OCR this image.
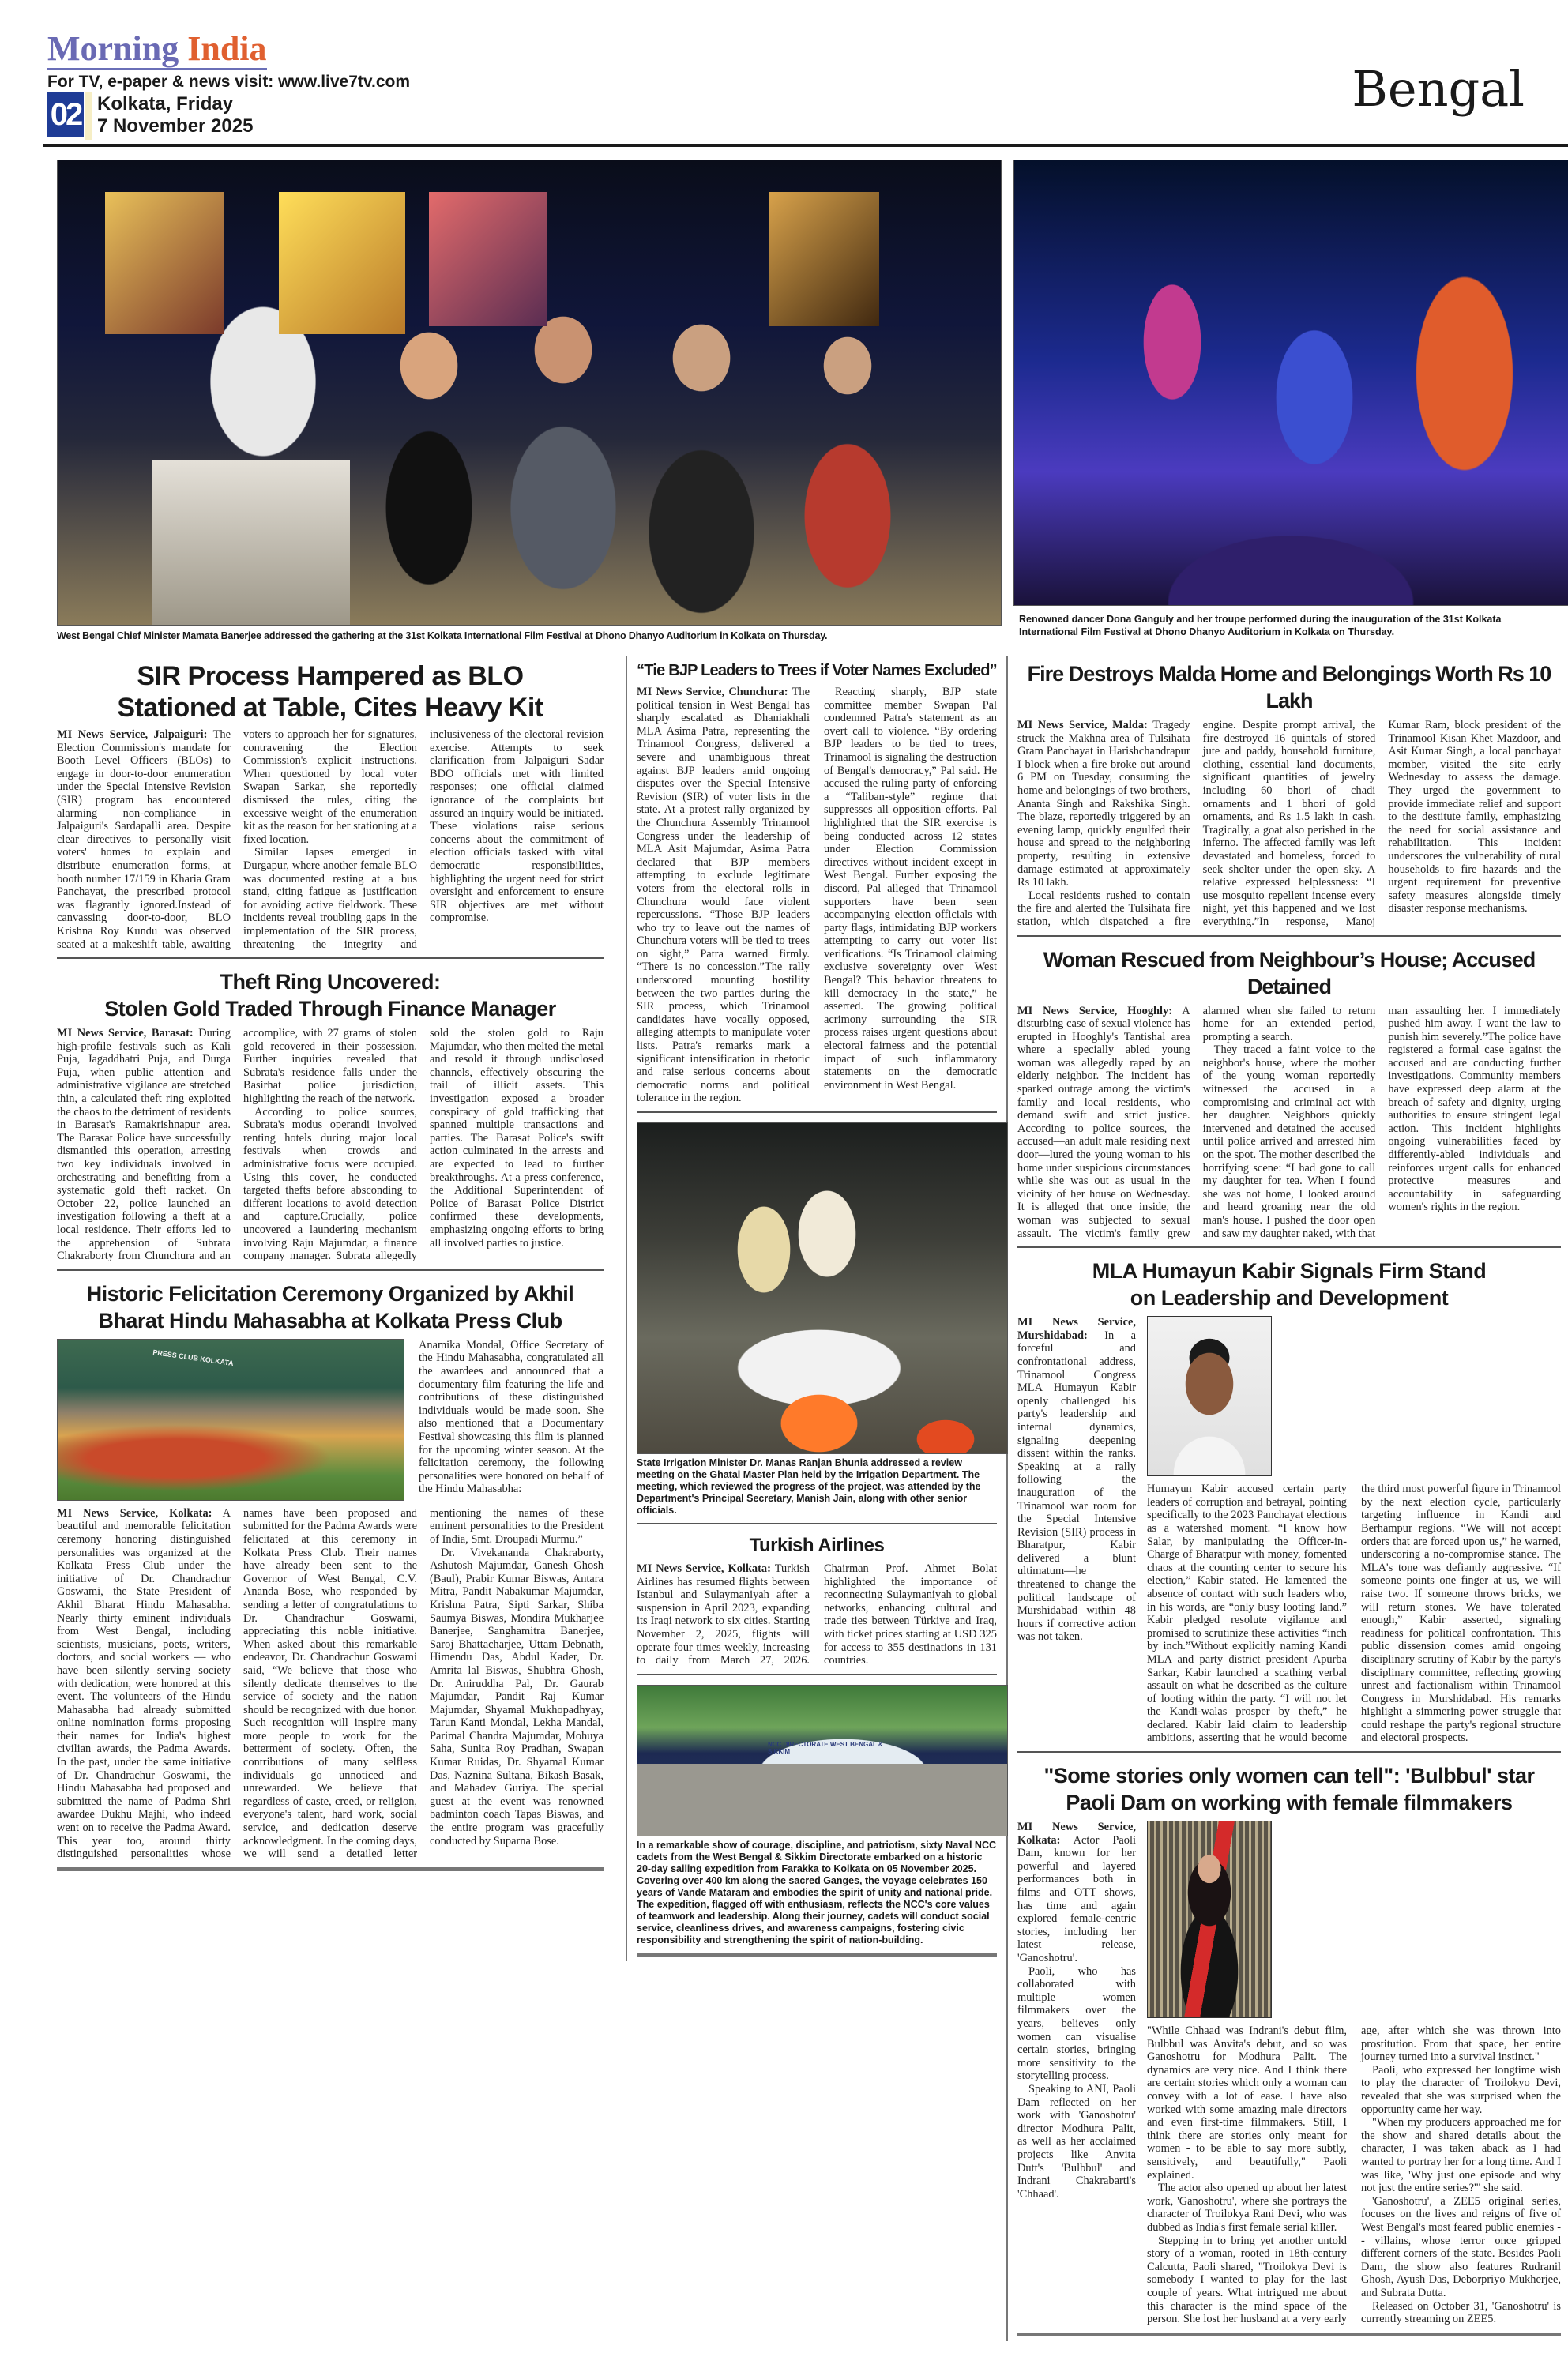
Morning India
For TV, e-paper & news visit: www.live7tv.com
02 Kolkata, Friday
7 November 2025
Bengal
West Bengal Chief Minister Mamata Banerjee addressed the gathering at the 31st Kolkata International Film Festival at Dhono Dhanyo Auditorium in Kolkata on Thursday.
Renowned dancer Dona Ganguly and her troupe performed during the inauguration of the 31st Kolkata
International Film Festival at Dhono Dhanyo Auditorium in Kolkata on Thursday.
SIR Process Hampered as BLO
Stationed at Table, Cites Heavy Kit

MI News Service, Jalpaiguri: The Election Commission's mandate for Booth Level Officers (BLOs) to engage in door-to-door enumeration under the Special Intensive Revision (SIR) program has encountered alarming non-compliance in Jalpaiguri's Sardapalli area. Despite clear directives to personally visit voters' homes to explain and distribute enumeration forms, at booth number 17/159 in Kharia Gram Panchayat, the prescribed protocol was flagrantly ignored.Instead of canvassing door-to-door, BLO Krishna Roy Kundu was observed seated at a makeshift table, awaiting voters to approach her for signatures, contravening the Election Commission's explicit instructions. When questioned by local voter Swapan Sarkar, she reportedly dismissed the rules, citing the excessive weight of the enumeration kit as the reason for her stationing at a fixed location.

Similar lapses emerged in Durgapur, where another female BLO was documented resting at a bus stand, citing fatigue as justification for avoiding active fieldwork. These incidents reveal troubling gaps in the implementation of the SIR process, threatening the integrity and inclusiveness of the electoral revision exercise. Attempts to seek clarification from Jalpaiguri Sadar BDO officials met with limited responses; one official claimed ignorance of the complaints but assured an inquiry would be initiated. These violations raise serious concerns about the commitment of election officials tasked with vital democratic responsibilities, highlighting the urgent need for strict oversight and enforcement to ensure SIR objectives are met without compromise.

Theft Ring Uncovered:
Stolen Gold Traded Through Finance Manager

MI News Service, Barasat: During high-profile festivals such as Kali Puja, Jagaddhatri Puja, and Durga Puja, when public attention and administrative vigilance are stretched thin, a calculated theft ring exploited the chaos to the detriment of residents in Barasat's Ramakrishnapur area. The Barasat Police have successfully dismantled this operation, arresting two key individuals involved in orchestrating and benefiting from a systematic gold theft racket. On October 22, police launched an investigation following a theft at a local residence. Their efforts led to the apprehension of Subrata Chakraborty from Chunchura and an accomplice, with 27 grams of stolen gold recovered in their possession. Further inquiries revealed that Subrata's residence falls under the Basirhat police jurisdiction, highlighting the reach of the network.

According to police sources, Subrata's modus operandi involved renting hotels during major local festivals when crowds and administrative focus were occupied. Using this cover, he conducted targeted thefts before absconding to different locations to avoid detection and capture.Crucially, police uncovered a laundering mechanism involving Raju Majumdar, a finance company manager. Subrata allegedly sold the stolen gold to Raju Majumdar, who then melted the metal and resold it through undisclosed channels, effectively obscuring the trail of illicit assets. This investigation exposed a broader conspiracy of gold trafficking that spanned multiple transactions and parties. The Barasat Police's swift action culminated in the arrests and are expected to lead to further breakthroughs. At a press conference, the Additional Superintendent of Police of Barasat Police District confirmed these developments, emphasizing ongoing efforts to bring all involved parties to justice.

Historic Felicitation Ceremony Organized by Akhil
Bharat Hindu Mahasabha at Kolkata Press Club
PRESS CLUB KOLKATA

Anamika Mondal, Office Secretary of the Hindu Mahasabha, congratulated all the awardees and announced that a documentary film featuring the life and contributions of these distinguished individuals would be made soon. She also mentioned that a Documentary Festival showcasing this film is planned for the upcoming winter season. At the felicitation ceremony, the following personalities were honored on behalf of the Hindu Mahasabha:

MI News Service, Kolkata: A beautiful and memorable felicitation ceremony honoring distinguished personalities was organized at the Kolkata Press Club under the initiative of Dr. Chandrachur Goswami, the State President of Akhil Bharat Hindu Mahasabha. Nearly thirty eminent individuals from West Bengal, including scientists, musicians, poets, writers, doctors, and social workers — who have been silently serving society with dedication, were honored at this event. The volunteers of the Hindu Mahasabha had already submitted online nomination forms proposing their names for India's highest civilian awards, the Padma Awards. In the past, under the same initiative of Dr. Chandrachur Goswami, the Hindu Mahasabha had proposed and submitted the name of Padma Shri awardee Dukhu Majhi, who indeed went on to receive the Padma Award. This year too, around thirty distinguished personalities whose names have been proposed and submitted for the Padma Awards were felicitated at this ceremony in Kolkata Press Club. Their names have already been sent to the Governor of West Bengal, C.V. Ananda Bose, who responded by sending a letter of congratulations to Dr. Chandrachur Goswami, appreciating this noble initiative. When asked about this remarkable endeavor, Dr. Chandrachur Goswami said, “We believe that those who silently dedicate themselves to the service of society and the nation should be recognized with due honor. Such recognition will inspire many more people to work for the betterment of society. Often, the contributions of many selfless individuals go unnoticed and unrewarded. We believe that regardless of caste, creed, or religion, everyone's talent, hard work, social service, and dedication deserve acknowledgment. In the coming days, we will send a detailed letter mentioning the names of these eminent personalities to the President of India, Smt. Droupadi Murmu.”

Dr. Vivekananda Chakraborty, Ashutosh Majumdar, Ganesh Ghosh (Baul), Prabir Kumar Biswas, Antara Mitra, Pandit Nabakumar Majumdar, Krishna Patra, Sipti Sarkar, Shiba Saumya Biswas, Mondira Mukharjee Banerjee, Sanghamitra Banerjee, Saroj Bhattacharjee, Uttam Debnath, Himendu Das, Abdul Kader, Dr. Amrita lal Biswas, Shubhra Ghosh, Dr. Aniruddha Pal, Dr. Gaurab Majumdar, Pandit Raj Kumar Majumdar, Shyamal Mukhopadhyay, Tarun Kanti Mondal, Lekha Mandal, Parimal Chandra Majumdar, Mohuya Saha, Sunita Roy Pradhan, Swapan Kumar Ruidas, Dr. Shyamal Kumar Das, Naznina Sultana, Bikash Basak, and Mahadev Guriya. The special guest at the event was renowned badminton coach Tapas Biswas, and the entire program was gracefully conducted by Suparna Bose.

“Tie BJP Leaders to Trees if Voter Names Excluded”

MI News Service, Chunchura: The political tension in West Bengal has sharply escalated as Dhaniakhali MLA Asima Patra, representing the Trinamool Congress, delivered a severe and unambiguous threat against BJP leaders amid ongoing disputes over the Special Intensive Revision (SIR) of voter lists in the state. At a protest rally organized by the Chunchura Assembly Trinamool Congress under the leadership of MLA Asit Majumdar, Asima Patra declared that BJP members attempting to exclude legitimate voters from the electoral rolls in Chunchura would face violent repercussions. “Those BJP leaders who try to leave out the names of Chunchura voters will be tied to trees on sight,” Patra warned firmly. “There is no concession.”The rally underscored mounting hostility between the two parties during the SIR process, which Trinamool candidates have vocally opposed, alleging attempts to manipulate voter lists. Patra's remarks mark a significant intensification in rhetoric and raise serious concerns about democratic norms and political tolerance in the region.

Reacting sharply, BJP state committee member Swapan Pal condemned Patra's statement as an overt call to violence. “By ordering BJP leaders to be tied to trees, Trinamool is signaling the destruction of Bengal's democracy,” Pal said. He accused the ruling party of enforcing a “Taliban-style” regime that suppresses all opposition efforts. Pal highlighted that the SIR exercise is being conducted across 12 states under Election Commission directives without incident except in West Bengal. Further exposing the discord, Pal alleged that Trinamool supporters have been seen accompanying election officials with party flags, intimidating BJP workers attempting to carry out voter list verifications. “Is Trinamool claiming exclusive sovereignty over West Bengal? This behavior threatens to kill democracy in the state,” he asserted. The growing political acrimony surrounding the SIR process raises urgent questions about electoral fairness and the potential impact of such inflammatory statements on the democratic environment in West Bengal.

State Irrigation Minister Dr. Manas Ranjan Bhunia addressed a review meeting on the Ghatal Master Plan held by the Irrigation Department. The meeting, which reviewed the progress of the project, was attended by the Department's Principal Secretary, Manish Jain, along with other senior officials.
Turkish Airlines

MI News Service, Kolkata: Turkish Airlines has resumed flights between Istanbul and Sulaymaniyah after a suspension in April 2023, expanding its Iraqi network to six cities. Starting November 2, 2025, flights will operate four times weekly, increasing to daily from March 27, 2026. Chairman Prof. Ahmet Bolat highlighted the importance of reconnecting Sulaymaniyah to global networks, enhancing cultural and trade ties between Türkiye and Iraq, with ticket prices starting at USD 325 for access to 355 destinations in 131 countries.

NCC DIRECTORATE WEST BENGAL & SIKKIM
In a remarkable show of courage, discipline, and patriotism, sixty Naval NCC cadets from the West Bengal & Sikkim Directorate embarked on a historic 20-day sailing expedition from Farakka to Kolkata on 05 November 2025. Covering over 400 km along the sacred Ganges, the voyage celebrates 150 years of Vande Mataram and embodies the spirit of unity and national pride. The expedition, flagged off with enthusiasm, reflects the NCC's core values of teamwork and leadership. Along their journey, cadets will conduct social service, cleanliness drives, and awareness campaigns, fostering civic responsibility and strengthening the spirit of nation-building.
Fire Destroys Malda Home and Belongings Worth Rs 10 Lakh

MI News Service, Malda: Tragedy struck the Makhna area of Tulsihata Gram Panchayat in Harishchandrapur I block when a fire broke out around 6 PM on Tuesday, consuming the home and belongings of two brothers, Ananta Singh and Rakshika Singh. The blaze, reportedly triggered by an evening lamp, quickly engulfed their house and spread to the neighboring property, resulting in extensive damage estimated at approximately Rs 10 lakh.

Local residents rushed to contain the fire and alerted the Tulsihata fire station, which dispatched a fire engine. Despite prompt arrival, the fire destroyed 16 quintals of stored jute and paddy, household furniture, clothing, essential land documents, significant quantities of jewelry including 60 bhori of chadi ornaments and 1 bhori of gold ornaments, and Rs 1.5 lakh in cash. Tragically, a goat also perished in the inferno. The affected family was left devastated and homeless, forced to seek shelter under the open sky. A relative expressed helplessness: “I use mosquito repellent incense every night, yet this happened and we lost everything.”In response, Manoj Kumar Ram, block president of the Trinamool Kisan Khet Mazdoor, and Asit Kumar Singh, a local panchayat member, visited the site early Wednesday to assess the damage. They urged the government to provide immediate relief and support to the destitute family, emphasizing the need for social assistance and rehabilitation. This incident underscores the vulnerability of rural households to fire hazards and the urgent requirement for preventive safety measures alongside timely disaster response mechanisms.

Woman Rescued from Neighbour’s House; Accused Detained

MI News Service, Hooghly: A disturbing case of sexual violence has erupted in Hooghly's Tantishal area where a specially abled young woman was allegedly raped by an elderly neighbor. The incident has sparked outrage among the victim's family and local residents, who demand swift and strict justice. According to police sources, the accused—an adult male residing next door—lured the young woman to his home under suspicious circumstances while she was out as usual in the vicinity of her house on Wednesday. It is alleged that once inside, the woman was subjected to sexual assault. The victim's family grew alarmed when she failed to return home for an extended period, prompting a search.

They traced a faint voice to the neighbor's house, where the mother of the young woman reportedly witnessed the accused in a compromising and criminal act with her daughter. Neighbors quickly intervened and detained the accused until police arrived and arrested him on the spot. The mother described the horrifying scene: “I had gone to call my daughter for tea. When I found she was not home, I looked around and heard groaning near the old man's house. I pushed the door open and saw my daughter naked, with that man assaulting her. I immediately pushed him away. I want the law to punish him severely.”The police have registered a formal case against the accused and are conducting further investigations. Community members have expressed deep alarm at the breach of safety and dignity, urging authorities to ensure stringent legal action. This incident highlights ongoing vulnerabilities faced by differently-abled individuals and reinforces urgent calls for enhanced protective measures and accountability in safeguarding women's rights in the region.

MLA Humayun Kabir Signals Firm Stand
on Leadership and Development

MI News Service, Murshidabad: In a forceful and confrontational address, Trinamool Congress MLA Humayun Kabir openly challenged his party's leadership and internal dynamics, signaling deepening dissent within the ranks. Speaking at a rally following the inauguration of the Trinamool war room for the Special Intensive Revision (SIR) process in Bharatpur, Kabir delivered a blunt ultimatum—he threatened to change the political landscape of Murshidabad within 48 hours if corrective action was not taken.

Humayun Kabir accused certain party leaders of corruption and betrayal, pointing specifically to the 2023 Panchayat elections as a watershed moment. “I know how Salar, by manipulating the Officer-in-Charge of Bharatpur with money, fomented chaos at the counting center to secure his election,” Kabir stated. He lamented the absence of contact with such leaders who, in his words, are “only busy looting land.” Kabir pledged resolute vigilance and promised to scrutinize these activities “inch by inch.”Without explicitly naming Kandi MLA and party district president Apurba Sarkar, Kabir launched a scathing verbal assault on what he described as the culture of looting within the party. “I will not let the Kandi-walas prosper by theft,” he declared. Kabir laid claim to leadership ambitions, asserting that he would become the third most powerful figure in Trinamool by the next election cycle, particularly targeting influence in Kandi and Berhampur regions. “We will not accept orders that are forced upon us,” he warned, underscoring a no-compromise stance. The MLA's tone was defiantly aggressive. “If someone points one finger at us, we will raise two. If someone throws bricks, we will return stones. We have tolerated enough,” Kabir asserted, signaling readiness for political confrontation. This public dissension comes amid ongoing disciplinary scrutiny of Kabir by the party's disciplinary committee, reflecting growing unrest and factionalism within Trinamool Congress in Murshidabad. His remarks highlight a simmering power struggle that could reshape the party's regional structure and electoral prospects.

"Some stories only women can tell": 'Bulbbul' star
Paoli Dam on working with female filmmakers

MI News Service, Kolkata: Actor Paoli Dam, known for her powerful and layered performances both in films and OTT shows, has time and again explored female-centric stories, including her latest release, 'Ganoshotru'.

Paoli, who has collaborated with multiple women filmmakers over the years, believes only women can visualise certain stories, bringing more sensitivity to the storytelling process.

Speaking to ANI, Paoli Dam reflected on her work with 'Ganoshotru' director Modhura Palit, as well as her acclaimed projects like Anvita Dutt's 'Bulbbul' and Indrani Chakrabarti's 'Chhaad'.

"While Chhaad was Indrani's debut film, Bulbbul was Anvita's debut, and so was Ganoshotru for Modhura Palit. The dynamics are very nice. And I think there are certain stories which only a woman can convey with a lot of ease. I have also worked with some amazing male directors and even first-time filmmakers. Still, I think there are stories only meant for women - to be able to say more subtly, sensitively, and beautifully," Paoli explained.

The actor also opened up about her latest work, 'Ganoshotru', where she portrays the character of Troilokya Rani Devi, who was dubbed as India's first female serial killer.

Stepping in to bring yet another untold story of a woman, rooted in 18th-century Calcutta, Paoli shared, "Troilokya Devi is somebody I wanted to play for the last couple of years. What intrigued me about this character is the mind space of the person. She lost her husband at a very early age, after which she was thrown into prostitution. From that space, her entire journey turned into a survival instinct."

Paoli, who expressed her longtime wish to play the character of Troilokyo Devi, revealed that she was surprised when the opportunity came her way.

"When my producers approached me for the show and shared details about the character, I was taken aback as I had wanted to portray her for a long time. And I was like, 'Why just one episode and why not just the entire series?'" she said.

'Ganoshotru', a ZEE5 original series, focuses on the lives and reigns of five of West Bengal's most feared public enemies -- villains, whose terror once gripped different corners of the state. Besides Paoli Dam, the show also features Rudranil Ghosh, Ayush Das, Deborpriyo Mukherjee, and Subrata Dutta.

Released on October 31, 'Ganoshotru' is currently streaming on ZEE5.
